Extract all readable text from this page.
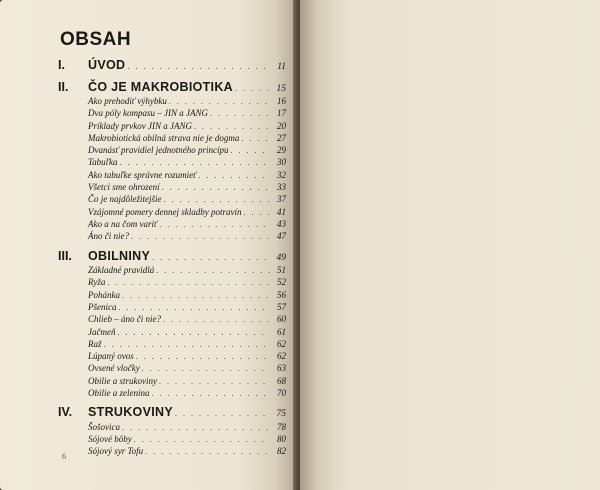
OBSAH
I. ÚVOD . . .	11
II. ČO JE MAKROBIOTIKA . . .	15
Ako prehodiť výhybku . . .	16
Dva póly kompasu – JIN a JANG . . .	17
Príklady prvkov JIN a JANG . . .	20
Makrobiotická obilná strava nie je dogma . . .	27
Dvanásť pravidiel jednotného princípu . . .	29
Tabuľka . . .	30
Ako tabuľke správne rozumieť . . .	32
Všetci sme ohrození . . .	33
Čo je najdôležitejšie . . .	37
Vzájomné pomery dennej skladby potravín . . .	41
Ako a na čom variť . . .	43
Áno či nie? . . .	47
III. OBILNINY . . .	49
Základné pravidlá . . .	51
Ryža . . .	52
Pohánka . . .	56
Pšenica . . .	57
Chlieb – áno či nie? . . .	60
Jačmeň . . .	61
Raž . . .	62
Lúpaný ovos . . .	62
Ovsené vločky . . .	63
Obilie a strukoviny . . .	68
Obilie a zelenina . . .	70
IV. STRUKOVINY . . .	75
Šošovica . . .	78
Sójové bôby . . .	80
Sójový syr Tofu . . .	82
6
